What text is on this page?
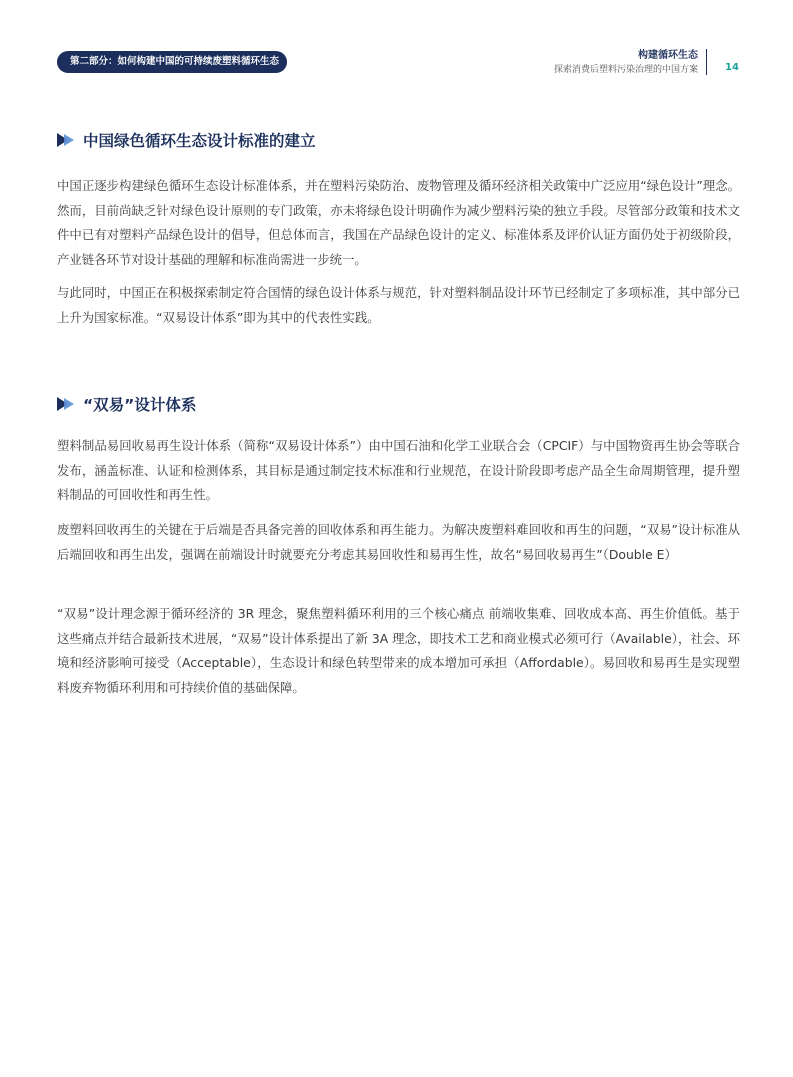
第二部分：如何构建中国的可持续废塑料循环生态
构建循环生态
探索消费后塑料污染治理的中国方案	14
中国绿色循环生态设计标准的建立
中国正逐步构建绿色循环生态设计标准体系，并在塑料污染防治、废物管理及循环经济相关政策中广泛应用“绿色设计”理念。然而，目前尚缺乏针对绿色设计原则的专门政策，亦未将绿色设计明确作为减少塑料污染的独立手段。尽管部分政策和技术文件中已有对塑料产品绿色设计的倡导，但总体而言，我国在产品绿色设计的定义、标准体系及评价认证方面仍处于初级阶段，产业链各环节对设计基础的理解和标准尚需进一步统一。
与此同时，中国正在积极探索制定符合国情的绿色设计体系与规范，针对塑料制品设计环节已经制定了多项标准，其中部分已上升为国家标准。“双易设计体系”即为其中的代表性实践。
“双易”设计体系
塑料制品易回收易再生设计体系（简称“双易设计体系”）由中国石油和化学工业联合会（CPCIF）与中国物资再生协会等联合发布，涵盖标准、认证和检测体系，其目标是通过制定技术标准和行业规范，在设计阶段即考虑产品全生命周期管理，提升塑料制品的可回收性和再生性。
废塑料回收再生的关键在于后端是否具备完善的回收体系和再生能力。为解决废塑料难回收和再生的问题，“双易”设计标准从后端回收和再生出发，强调在前端设计时就要充分考虑其易回收性和易再生性，故名“易回收易再生”（Double E）
“双易”设计理念源于循环经济的 3R 理念，聚焦塑料循环利用的三个核心痛点 前端收集难、回收成本高、再生价值低。基于这些痛点并结合最新技术进展，“双易”设计体系提出了新 3A 理念，即技术工艺和商业模式必须可行（Available），社会、环境和经济影响可接受（Acceptable），生态设计和绿色转型带来的成本增加可承担（Affordable）。易回收和易再生是实现塑料废弃物循环利用和可持续价值的基础保障。
